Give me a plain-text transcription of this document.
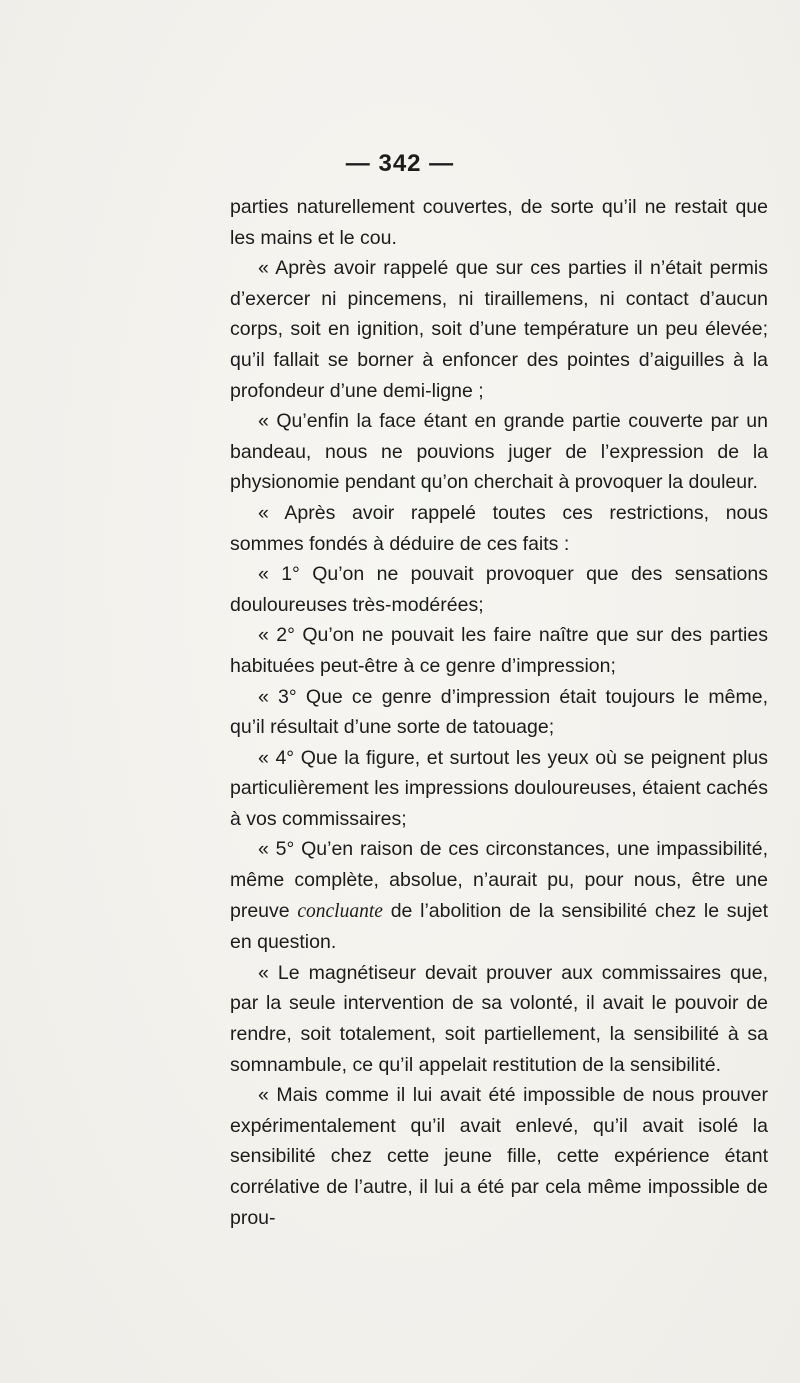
— 342 —

parties naturellement couvertes, de sorte qu’il ne restait que les mains et le cou.

« Après avoir rappelé que sur ces parties il n’était permis d’exercer ni pincemens, ni tiraillemens, ni contact d’aucun corps, soit en ignition, soit d’une température un peu élevée; qu’il fallait se borner à enfoncer des pointes d’aiguilles à la profondeur d’une demi-ligne ;

« Qu’enfin la face étant en grande partie couverte par un bandeau, nous ne pouvions juger de l’expression de la physionomie pendant qu’on cherchait à provoquer la douleur.

« Après avoir rappelé toutes ces restrictions, nous sommes fondés à déduire de ces faits :

« 1° Qu’on ne pouvait provoquer que des sensations douloureuses très-modérées;

« 2° Qu’on ne pouvait les faire naître que sur des parties habituées peut-être à ce genre d’impression;

« 3° Que ce genre d’impression était toujours le même, qu’il résultait d’une sorte de tatouage;

« 4° Que la figure, et surtout les yeux où se peignent plus particulièrement les impressions douloureuses, étaient cachés à vos commissaires;

« 5° Qu’en raison de ces circonstances, une impassibilité, même complète, absolue, n’aurait pu, pour nous, être une preuve concluante de l’abolition de la sensibilité chez le sujet en question.

« Le magnétiseur devait prouver aux commissaires que, par la seule intervention de sa volonté, il avait le pouvoir de rendre, soit totalement, soit partiellement, la sensibilité à sa somnambule, ce qu’il appelait restitution de la sensibilité.

« Mais comme il lui avait été impossible de nous prouver expérimentalement qu’il avait enlevé, qu’il avait isolé la sensibilité chez cette jeune fille, cette expérience étant corrélative de l’autre, il lui a été par cela même impossible de prou-
